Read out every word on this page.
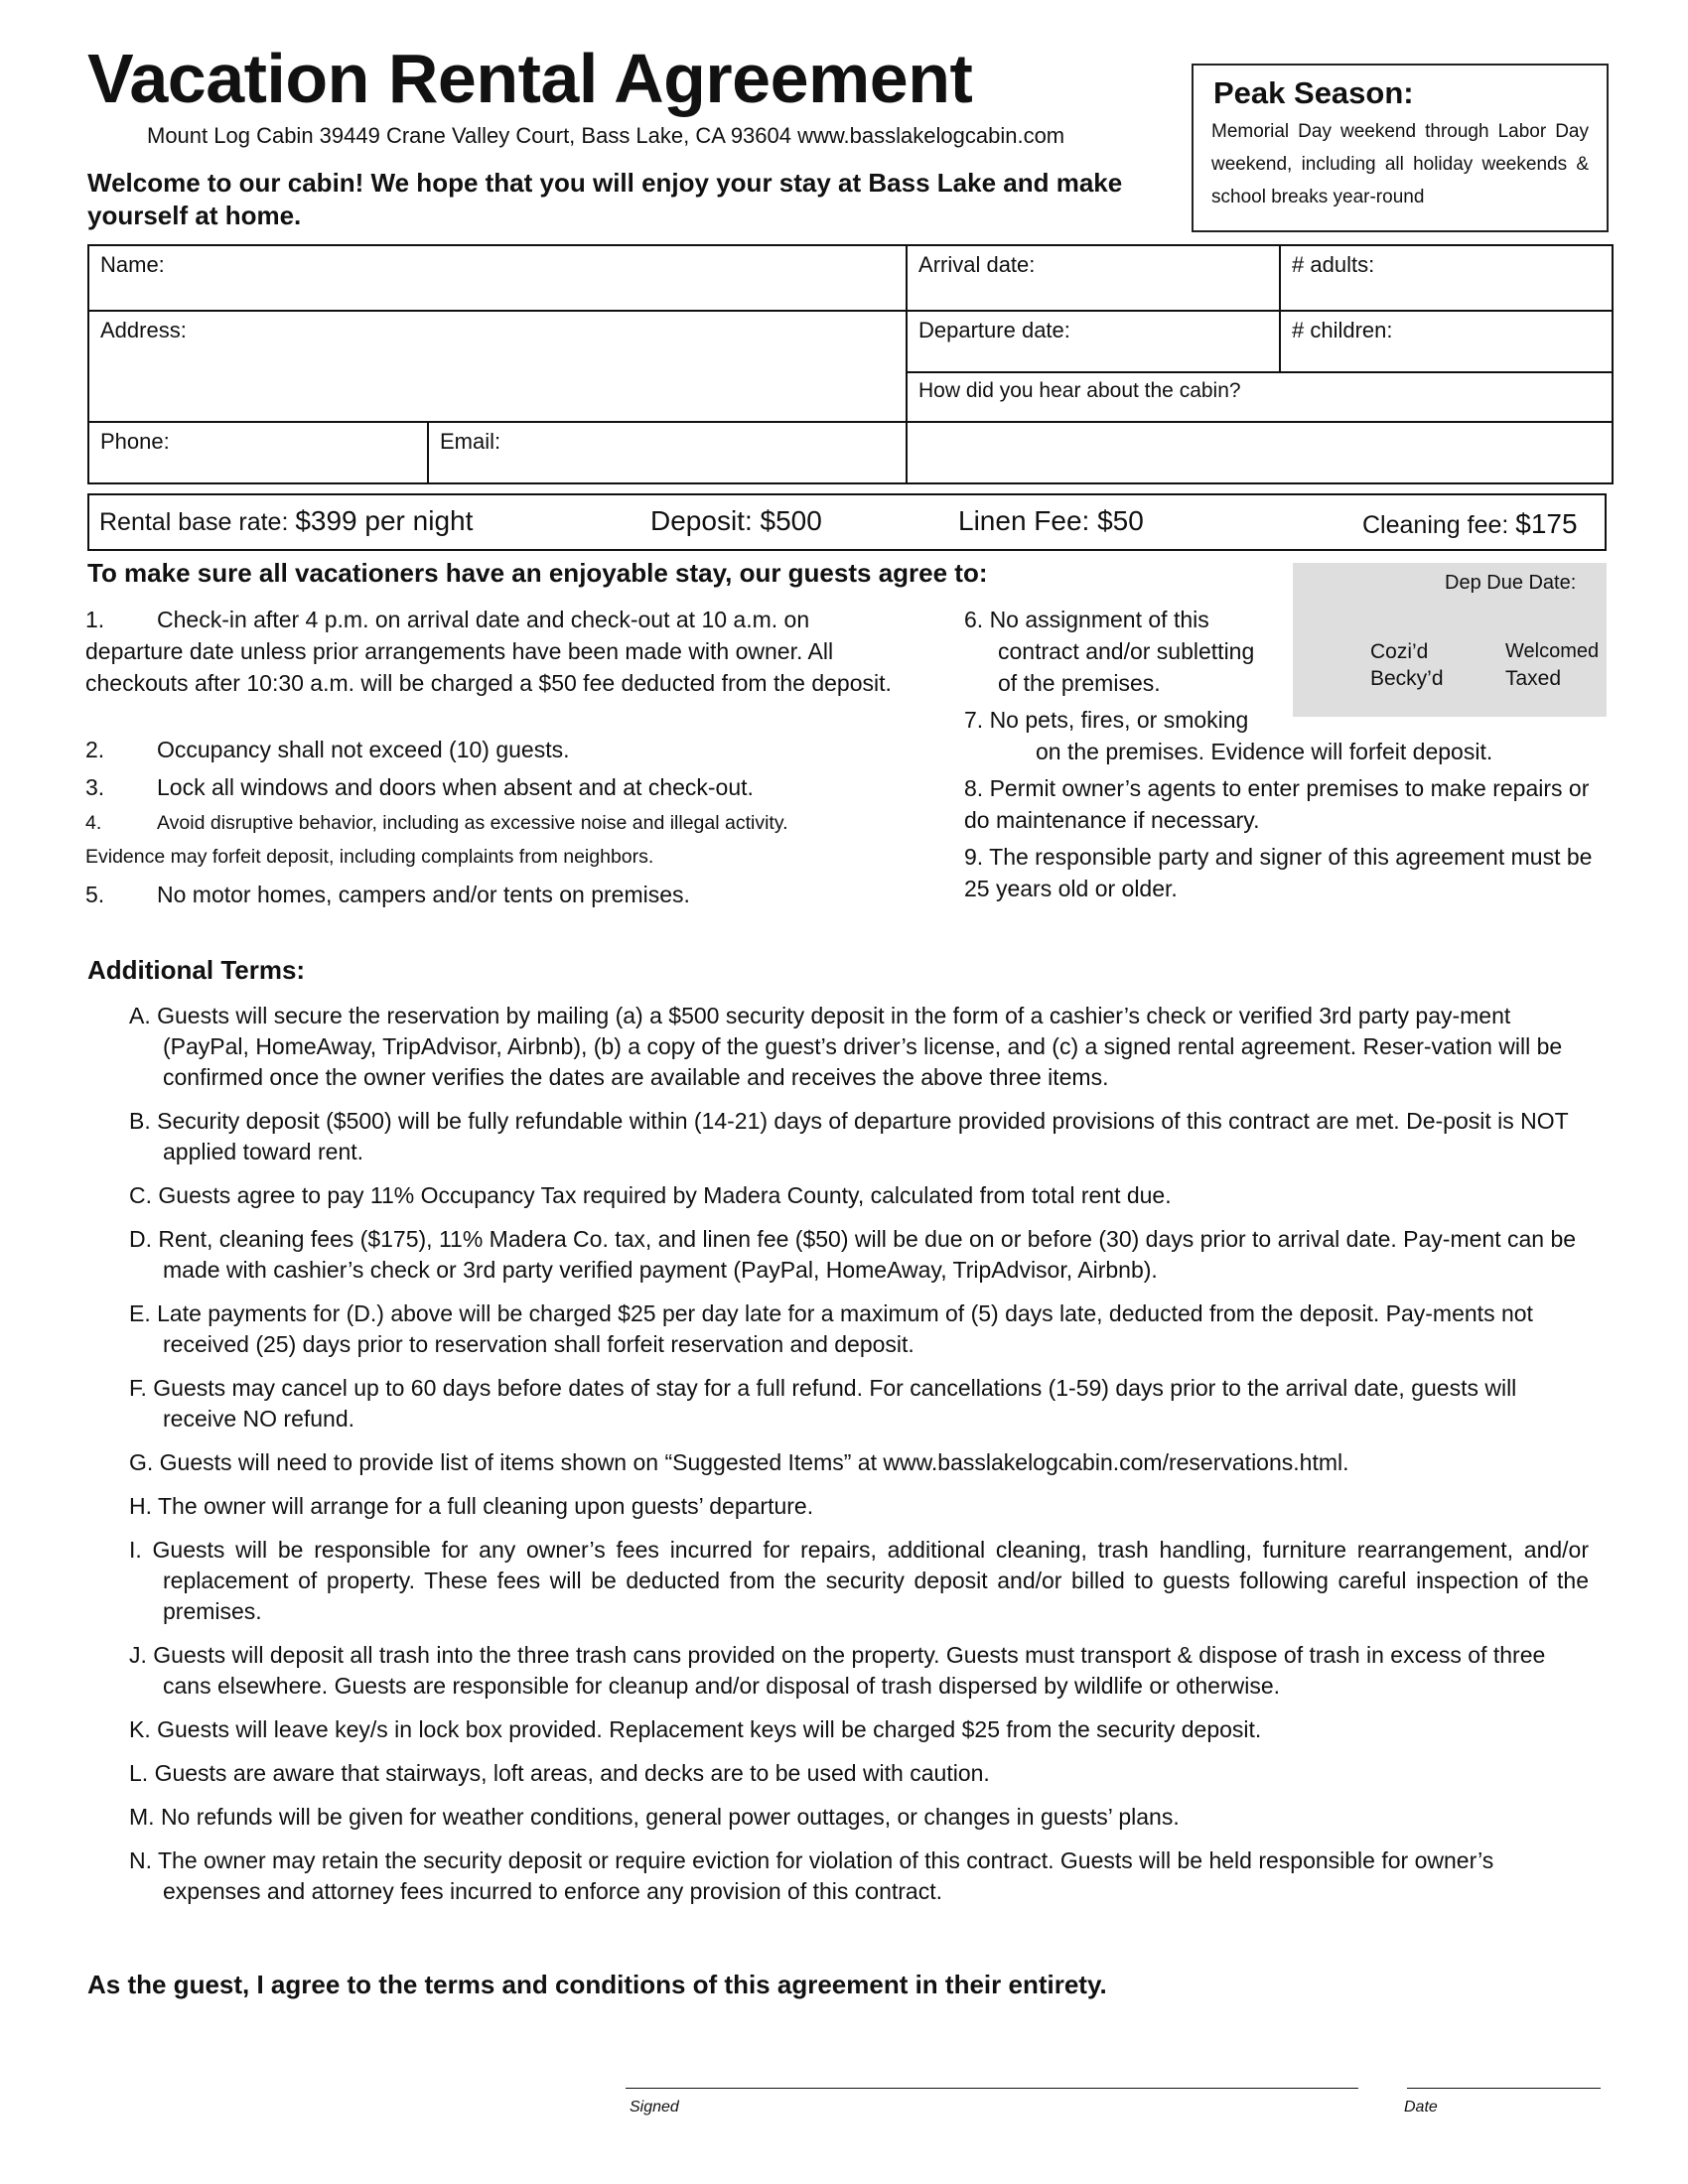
Vacation Rental Agreement
Mount Log Cabin 39449 Crane Valley Court, Bass Lake, CA 93604 www.basslakelogcabin.com
Welcome to our cabin! We hope that you will enjoy your stay at Bass Lake and make yourself at home.
Peak Season:
Memorial Day weekend through Labor Day weekend, including all holiday weekends & school breaks year-round
Name:		Arrival date:	# adults:
Address:		Departure date:	# children:
		How did you hear about the cabin?	
Phone:	Email:		
Rental base rate: $399 per night	Deposit: $500	Linen Fee: $50	Cleaning fee: $175
To make sure all vacationers have an enjoyable stay, our guests agree to:
1. Check-in after 4 p.m. on arrival date and check-out at 10 a.m. on departure date unless prior arrangements have been made with owner. All checkouts after 10:30 a.m. will be charged a $50 fee deducted from the deposit.
2. Occupancy shall not exceed (10) guests.
3. Lock all windows and doors when absent and at check-out.
4.	Avoid disruptive behavior, including as excessive noise and illegal activity.
Evidence may forfeit deposit, including complaints from neighbors.
5. No motor homes, campers and/or tents on premises.
6. No assignment of this
contract and/or subletting
of the premises.
7. No pets, fires, or smoking
on the premises. Evidence will forfeit deposit.
8. Permit owner’s agents to enter premises to make repairs or do maintenance if necessary.
9. The responsible party and signer of this agreement must be 25 years old or older.
Dep Due Date:
Cozi’d	Welcomed
Becky’d	Taxed
Additional Terms:
A. Guests will secure the reservation by mailing (a) a $500 security deposit in the form of a cashier’s check or verified 3rd party pay-ment (PayPal, HomeAway, TripAdvisor, Airbnb), (b) a copy of the guest’s driver’s license, and (c) a signed rental agreement. Reser-vation will be confirmed once the owner verifies the dates are available and receives the above three items.
B. Security deposit ($500) will be fully refundable within (14-21) days of departure provided provisions of this contract are met. De-posit is NOT applied toward rent.
C. Guests agree to pay 11% Occupancy Tax required by Madera County, calculated from total rent due.
D. Rent, cleaning fees ($175), 11% Madera Co. tax, and linen fee ($50) will be due on or before (30) days prior to arrival date. Pay-ment can be made with cashier’s check or 3rd party verified payment (PayPal, HomeAway, TripAdvisor, Airbnb).
E. Late payments for (D.) above will be charged $25 per day late for a maximum of (5) days late, deducted from the deposit. Pay-ments not received (25) days prior to reservation shall forfeit reservation and deposit.
F. Guests may cancel up to 60 days before dates of stay for a full refund. For cancellations (1-59) days prior to the arrival date, guests will receive NO refund.
G. Guests will need to provide list of items shown on “Suggested Items” at www.basslakelogcabin.com/reservations.html.
H. The owner will arrange for a full cleaning upon guests’ departure.
I. Guests will be responsible for any owner’s fees incurred for repairs, additional cleaning, trash handling, furniture rearrangement, and/or replacement of property. These fees will be deducted from the security deposit and/or billed to guests following careful inspection of the premises.
J. Guests will deposit all trash into the three trash cans provided on the property. Guests must transport & dispose of trash in excess of three cans elsewhere. Guests are responsible for cleanup and/or disposal of trash dispersed by wildlife or otherwise.
K. Guests will leave key/s in lock box provided. Replacement keys will be charged $25 from the security deposit.
L. Guests are aware that stairways, loft areas, and decks are to be used with caution.
M. No refunds will be given for weather conditions, general power outtages, or changes in guests’ plans.
N. The owner may retain the security deposit or require eviction for violation of this contract. Guests will be held responsible for owner’s expenses and attorney fees incurred to enforce any provision of this contract.
As the guest, I agree to the terms and conditions of this agreement in their entirety.
Signed	Date
